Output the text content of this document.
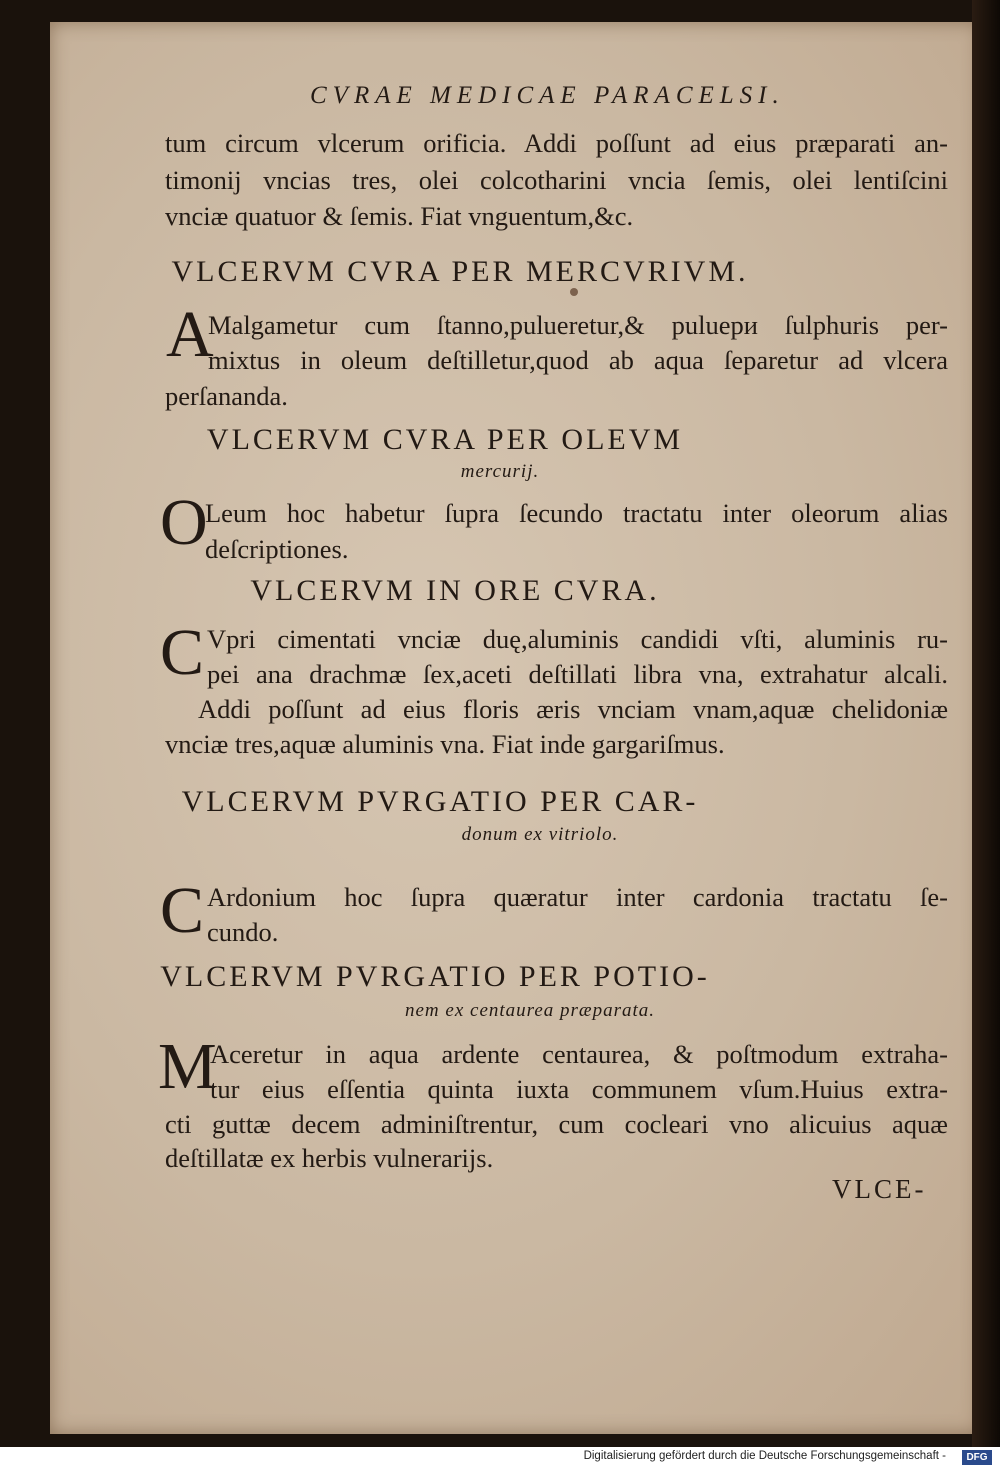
CVRAE MEDICAE PARACELSI.
tum circum vlcerum orificia. Addi poſſunt ad eius præparati an-
timonij vncias tres, olei colcotharini vncia ſemis, olei lentiſcini
vnciæ quatuor & ſemis. Fiat vnguentum,&c.
VLCERVM CVRA PER MERCVRIVM.
A
Malgametur cum ſtanno,pulueretur,& puluери ſulphuris per-
mixtus in oleum deſtilletur,quod ab aqua ſeparetur ad vlcera
perſananda.
VLCERVM CVRA PER OLEVM
mercurij.
O
Leum hoc habetur ſupra ſecundo tractatu inter oleorum alias
deſcriptiones.
VLCERVM IN ORE CVRA.
C Vpri cimentati vnciæ duę,aluminis candidi vſti, aluminis ru-
pei ana drachmæ ſex,aceti deſtillati libra vna, extrahatur alcali.
Addi poſſunt ad eius floris æris vnciam vnam,aquæ chelidoniæ
vnciæ tres,aquæ aluminis vna. Fiat inde gargariſmus.
VLCERVM PVRGATIO PER CAR-
donum ex vitriolo.
C Ardonium hoc ſupra quæratur inter cardonia tractatu ſe-
cundo.
VLCERVM PVRGATIO PER POTIO-
nem ex centaurea præparata.
M
Aceretur in aqua ardente centaurea, & poſtmodum extraha-
tur eius eſſentia quinta iuxta communem vſum.Huius extra-
cti guttæ decem adminiſtrentur, cum cocleari vno alicuius aquæ
deſtillatæ ex herbis vulnerarijs.
VLCE-
Digitalisierung gefördert durch die Deutsche Forschungsgemeinschaft -	DFG
